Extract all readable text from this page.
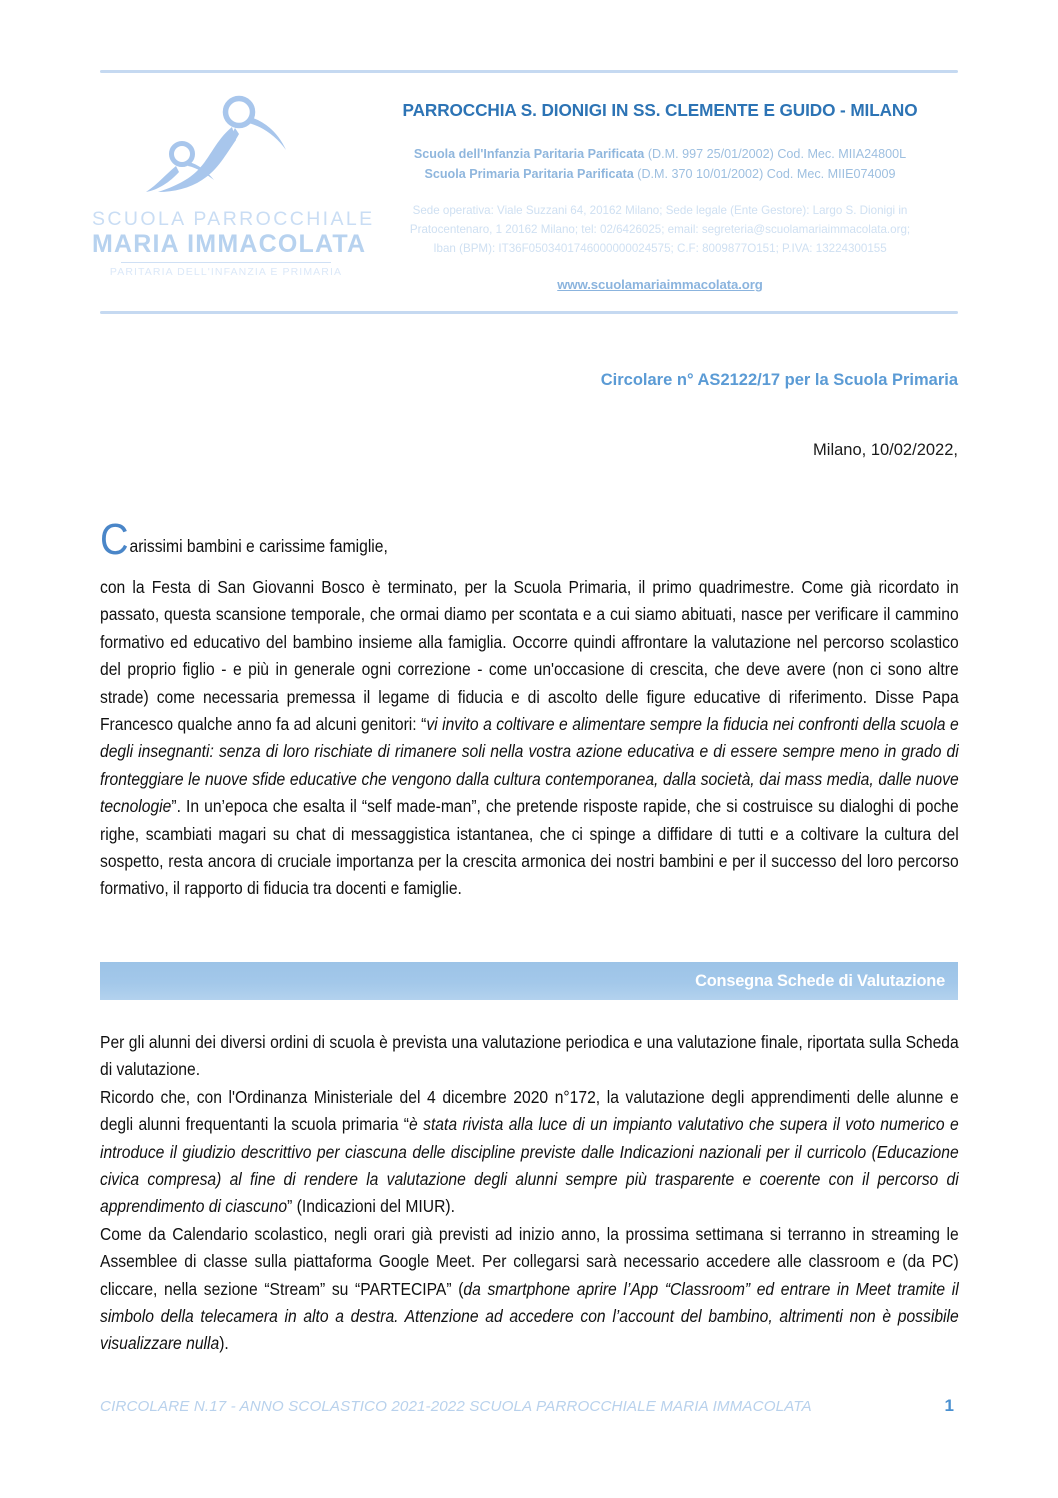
SCUOLA PARROCCHIALE
MARIA IMMACOLATA
PARITARIA DELL'INFANZIA E PRIMARIA
PARROCCHIA S. DIONIGI IN SS. CLEMENTE E GUIDO - MILANO
Scuola dell'Infanzia Paritaria Parificata (D.M. 997 25/01/2002) Cod. Mec. MIIA24800L
Scuola Primaria Paritaria Parificata (D.M. 370 10/01/2002) Cod. Mec. MIIE074009
Sede operativa: Viale Suzzani 64, 20162 Milano; Sede legale (Ente Gestore): Largo S. Dionigi in
Pratocentenaro, 1 20162 Milano; tel: 02/6426025; email: segreteria@scuolamariaimmacolata.org;
Iban (BPM): IT36F0503401746000000024575; C.F: 8009877O151; P.IVA: 13224300155
www.scuolamariaimmacolata.org
Circolare n° AS2122/17 per la Scuola Primaria
Milano, 10/02/2022,
Carissimi bambini e carissime famiglie,

con la Festa di San Giovanni Bosco è terminato, per la Scuola Primaria, il primo quadrimestre. Come già ricordato in passato, questa scansione temporale, che ormai diamo per scontata e a cui siamo abituati, nasce per verificare il cammino formativo ed educativo del bambino insieme alla famiglia. Occorre quindi affrontare la valutazione nel percorso scolastico del proprio figlio - e più in generale ogni correzione - come un'occasione di crescita, che deve avere (non ci sono altre strade) come necessaria premessa il legame di fiducia e di ascolto delle figure educative di riferimento. Disse Papa Francesco qualche anno fa ad alcuni genitori: “vi invito a coltivare e alimentare sempre la fiducia nei confronti della scuola e degli insegnanti: senza di loro rischiate di rimanere soli nella vostra azione educativa e di essere sempre meno in grado di fronteggiare le nuove sfide educative che vengono dalla cultura contemporanea, dalla società, dai mass media, dalle nuove tecnologie”. In un’epoca che esalta il “self made-man”, che pretende risposte rapide, che si costruisce su dialoghi di poche righe, scambiati magari su chat di messaggistica istantanea, che ci spinge a diffidare di tutti e a coltivare la cultura del sospetto, resta ancora di cruciale importanza per la crescita armonica dei nostri bambini e per il successo del loro percorso formativo, il rapporto di fiducia tra docenti e famiglie.

Consegna Schede di Valutazione

Per gli alunni dei diversi ordini di scuola è prevista una valutazione periodica e una valutazione finale, riportata sulla Scheda di valutazione.

Ricordo che, con l'Ordinanza Ministeriale del 4 dicembre 2020 n°172, la valutazione degli apprendimenti delle alunne e degli alunni frequentanti la scuola primaria “è stata rivista alla luce di un impianto valutativo che supera il voto numerico e introduce il giudizio descrittivo per ciascuna delle discipline previste dalle Indicazioni nazionali per il curricolo (Educazione civica compresa) al fine di rendere la valutazione degli alunni sempre più trasparente e coerente con il percorso di apprendimento di ciascuno” (Indicazioni del MIUR).

Come da Calendario scolastico, negli orari già previsti ad inizio anno, la prossima settimana si terranno in streaming le Assemblee di classe sulla piattaforma Google Meet. Per collegarsi sarà necessario accedere alle classroom e (da PC) cliccare, nella sezione “Stream” su “PARTECIPA” (da smartphone aprire l’App “Classroom” ed entrare in Meet tramite il simbolo della telecamera in alto a destra. Attenzione ad accedere con l’account del bambino, altrimenti non è possibile visualizzare nulla).

CIRCOLARE N.17 - ANNO SCOLASTICO 2021-2022 SCUOLA PARROCCHIALE MARIA IMMACOLATA	1
